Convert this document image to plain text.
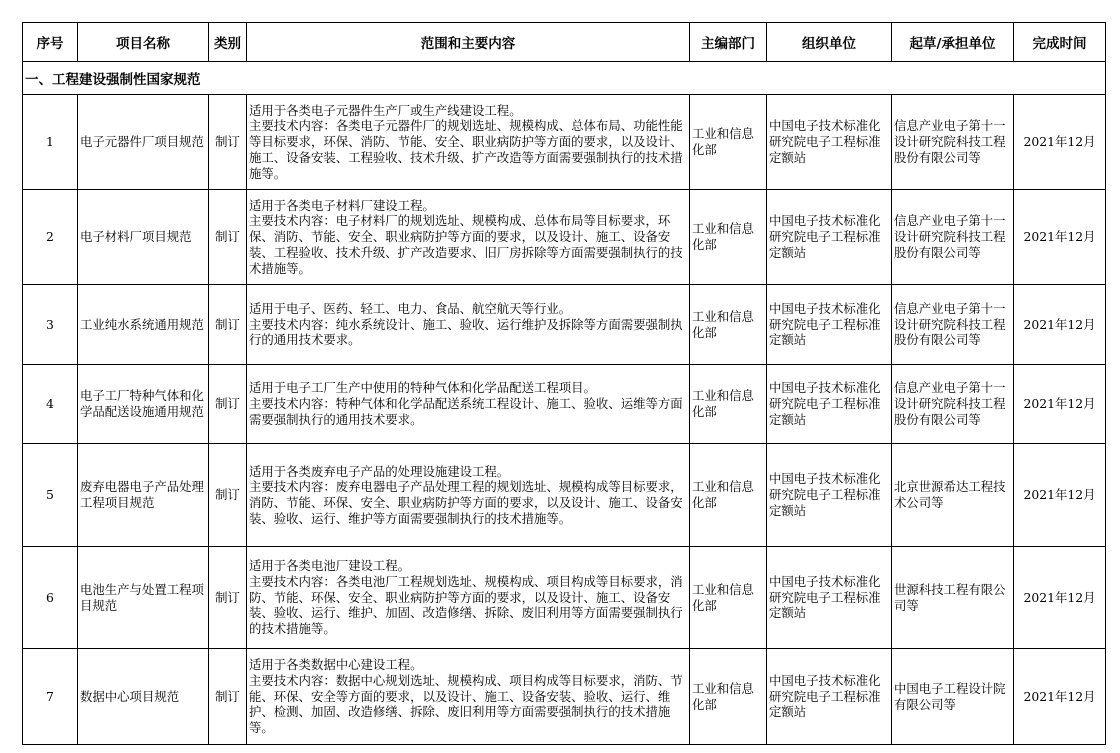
序号	项目名称	类别	范围和主要内容	主编部门	组织单位	起草/承担单位	完成时间
一、工程建设强制性国家规范							
1	电子元器件厂项目规范	制订	适用于各类电子元器件生产厂或生产线建设工程。
主要技术内容：各类电子元器件厂的规划选址、规模构成、总体布局、功能性能等目标要求，环保、消防、节能、安全、职业病防护等方面的要求，以及设计、施工、设备安装、工程验收、技术升级、扩产改造等方面需要强制执行的技术措施等。	工业和信息化部	中国电子技术标准化研究院电子工程标准定额站	信息产业电子第十一设计研究院科技工程股份有限公司等	2021年12月
2	电子材料厂项目规范	制订	适用于各类电子材料厂建设工程。
主要技术内容：电子材料厂的规划选址、规模构成、总体布局等目标要求，环保、消防、节能、安全、职业病防护等方面的要求，以及设计、施工、设备安装、工程验收、技术升级、扩产改造要求、旧厂房拆除等方面需要强制执行的技术措施等。	工业和信息化部	中国电子技术标准化研究院电子工程标准定额站	信息产业电子第十一设计研究院科技工程股份有限公司等	2021年12月
3	工业纯水系统通用规范	制订	适用于电子、医药、轻工、电力、食品、航空航天等行业。
主要技术内容：纯水系统设计、施工、验收、运行维护及拆除等方面需要强制执行的通用技术要求。	工业和信息化部	中国电子技术标准化研究院电子工程标准定额站	信息产业电子第十一设计研究院科技工程股份有限公司等	2021年12月
4	电子工厂特种气体和化学品配送设施通用规范	制订	适用于电子工厂生产中使用的特种气体和化学品配送工程项目。
主要技术内容：特种气体和化学品配送系统工程设计、施工、验收、运维等方面需要强制执行的通用技术要求。	工业和信息化部	中国电子技术标准化研究院电子工程标准定额站	信息产业电子第十一设计研究院科技工程股份有限公司等	2021年12月
5	废弃电器电子产品处理工程项目规范	制订	适用于各类废弃电子产品的处理设施建设工程。
主要技术内容：废弃电器电子产品处理工程的规划选址、规模构成等目标要求，消防、节能、环保、安全、职业病防护等方面的要求，以及设计、施工、设备安装、验收、运行、维护等方面需要强制执行的技术措施等。	工业和信息化部	中国电子技术标准化研究院电子工程标准定额站	北京世源希达工程技术公司等	2021年12月
6	电池生产与处置工程项目规范	制订	适用于各类电池厂建设工程。
主要技术内容：各类电池厂工程规划选址、规模构成、项目构成等目标要求，消防、节能、环保、安全、职业病防护等方面的要求，以及设计、施工、设备安装、验收、运行、维护、加固、改造修缮、拆除、废旧利用等方面需要强制执行的技术措施等。	工业和信息化部	中国电子技术标准化研究院电子工程标准定额站	世源科技工程有限公司等	2021年12月
7	数据中心项目规范	制订	适用于各类数据中心建设工程。
主要技术内容：数据中心规划选址、规模构成、项目构成等目标要求，消防、节能、环保、安全等方面的要求，以及设计、施工、设备安装、验收、运行、维护、检测、加固、改造修缮、拆除、废旧利用等方面需要强制执行的技术措施等。	工业和信息化部	中国电子技术标准化研究院电子工程标准定额站	中国电子工程设计院有限公司等	2021年12月
